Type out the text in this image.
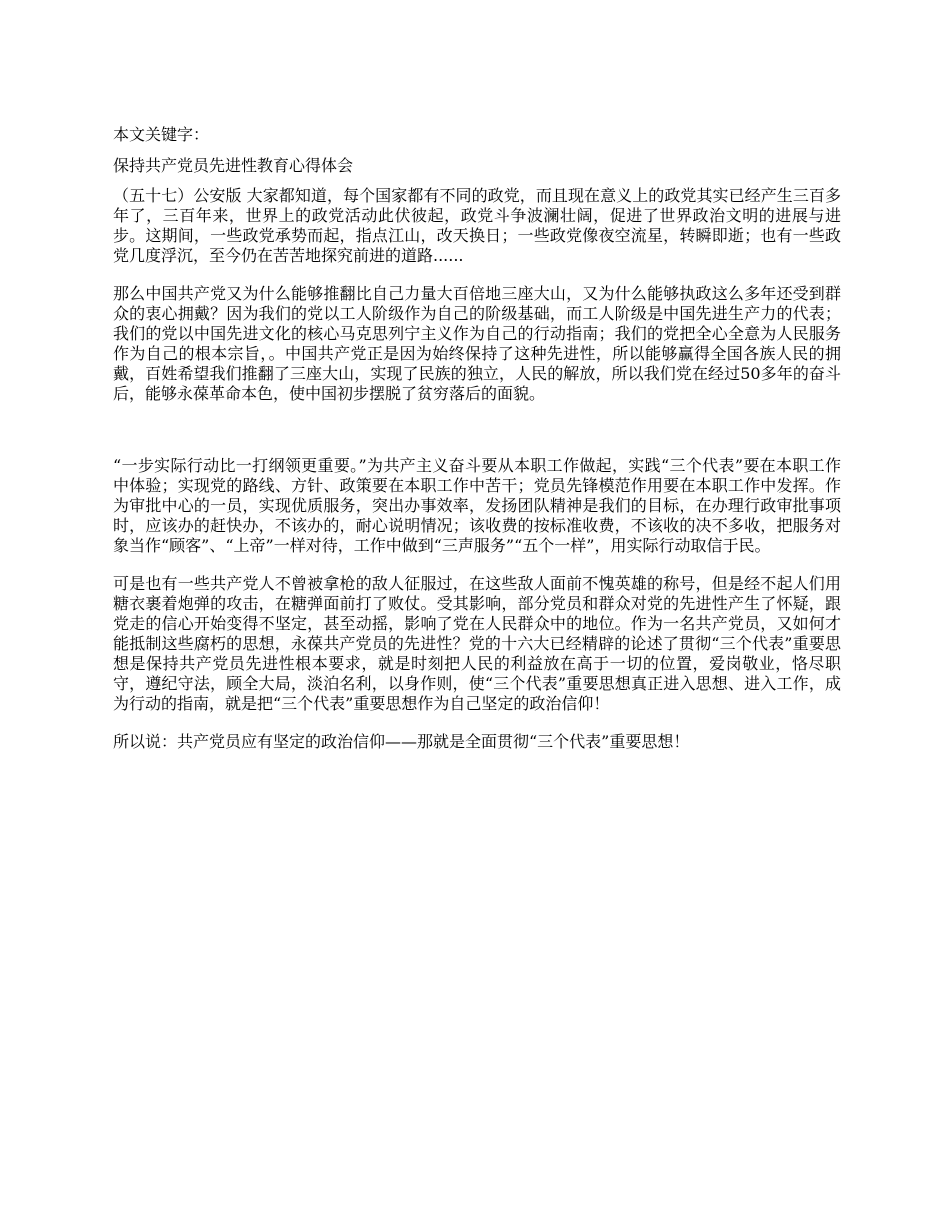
本文关键字：

保持共产党员先进性教育心得体会

（五十七）公安版 大家都知道，每个国家都有不同的政党，而且现在意义上的政党其实已经产生三百多年了，三百年来，世界上的政党活动此伏彼起，政党斗争波澜壮阔，促进了世界政治文明的进展与进步。这期间，一些政党承势而起，指点江山，改天换日；一些政党像夜空流星，转瞬即逝；也有一些政党几度浮沉，至今仍在苦苦地探究前进的道路......

那么中国共产党又为什么能够推翻比自己力量大百倍地三座大山，又为什么能够执政这么多年还受到群众的衷心拥戴？因为我们的党以工人阶级作为自己的阶级基础，而工人阶级是中国先进生产力的代表；我们的党以中国先进文化的核心马克思列宁主义作为自己的行动指南；我们的党把全心全意为人民服务作为自己的根本宗旨，。中国共产党正是因为始终保持了这种先进性，所以能够赢得全国各族人民的拥戴，百姓希望我们推翻了三座大山，实现了民族的独立，人民的解放，所以我们党在经过50多年的奋斗后，能够永葆革命本色，使中国初步摆脱了贫穷落后的面貌。

“一步实际行动比一打纲领更重要。”为共产主义奋斗要从本职工作做起，实践“三个代表”要在本职工作中体验；实现党的路线、方针、政策要在本职工作中苦干；党员先锋模范作用要在本职工作中发挥。作为审批中心的一员，实现优质服务，突出办事效率，发扬团队精神是我们的目标，在办理行政审批事项时，应该办的赶快办，不该办的，耐心说明情况；该收费的按标准收费，不该收的决不多收，把服务对象当作“顾客”、“上帝”一样对待，工作中做到“三声服务”“五个一样”，用实际行动取信于民。

可是也有一些共产党人不曾被拿枪的敌人征服过，在这些敌人面前不愧英雄的称号，但是经不起人们用糖衣裹着炮弹的攻击，在糖弹面前打了败仗。受其影响，部分党员和群众对党的先进性产生了怀疑，跟党走的信心开始变得不坚定，甚至动摇，影响了党在人民群众中的地位。作为一名共产党员，又如何才能抵制这些腐朽的思想，永葆共产党员的先进性？党的十六大已经精辟的论述了贯彻“三个代表”重要思想是保持共产党员先进性根本要求，就是时刻把人民的利益放在高于一切的位置，爱岗敬业，恪尽职守，遵纪守法，顾全大局，淡泊名利，以身作则，使“三个代表”重要思想真正进入思想、进入工作，成为行动的指南，就是把“三个代表”重要思想作为自己坚定的政治信仰！

所以说：共产党员应有坚定的政治信仰——那就是全面贯彻“三个代表”重要思想！
